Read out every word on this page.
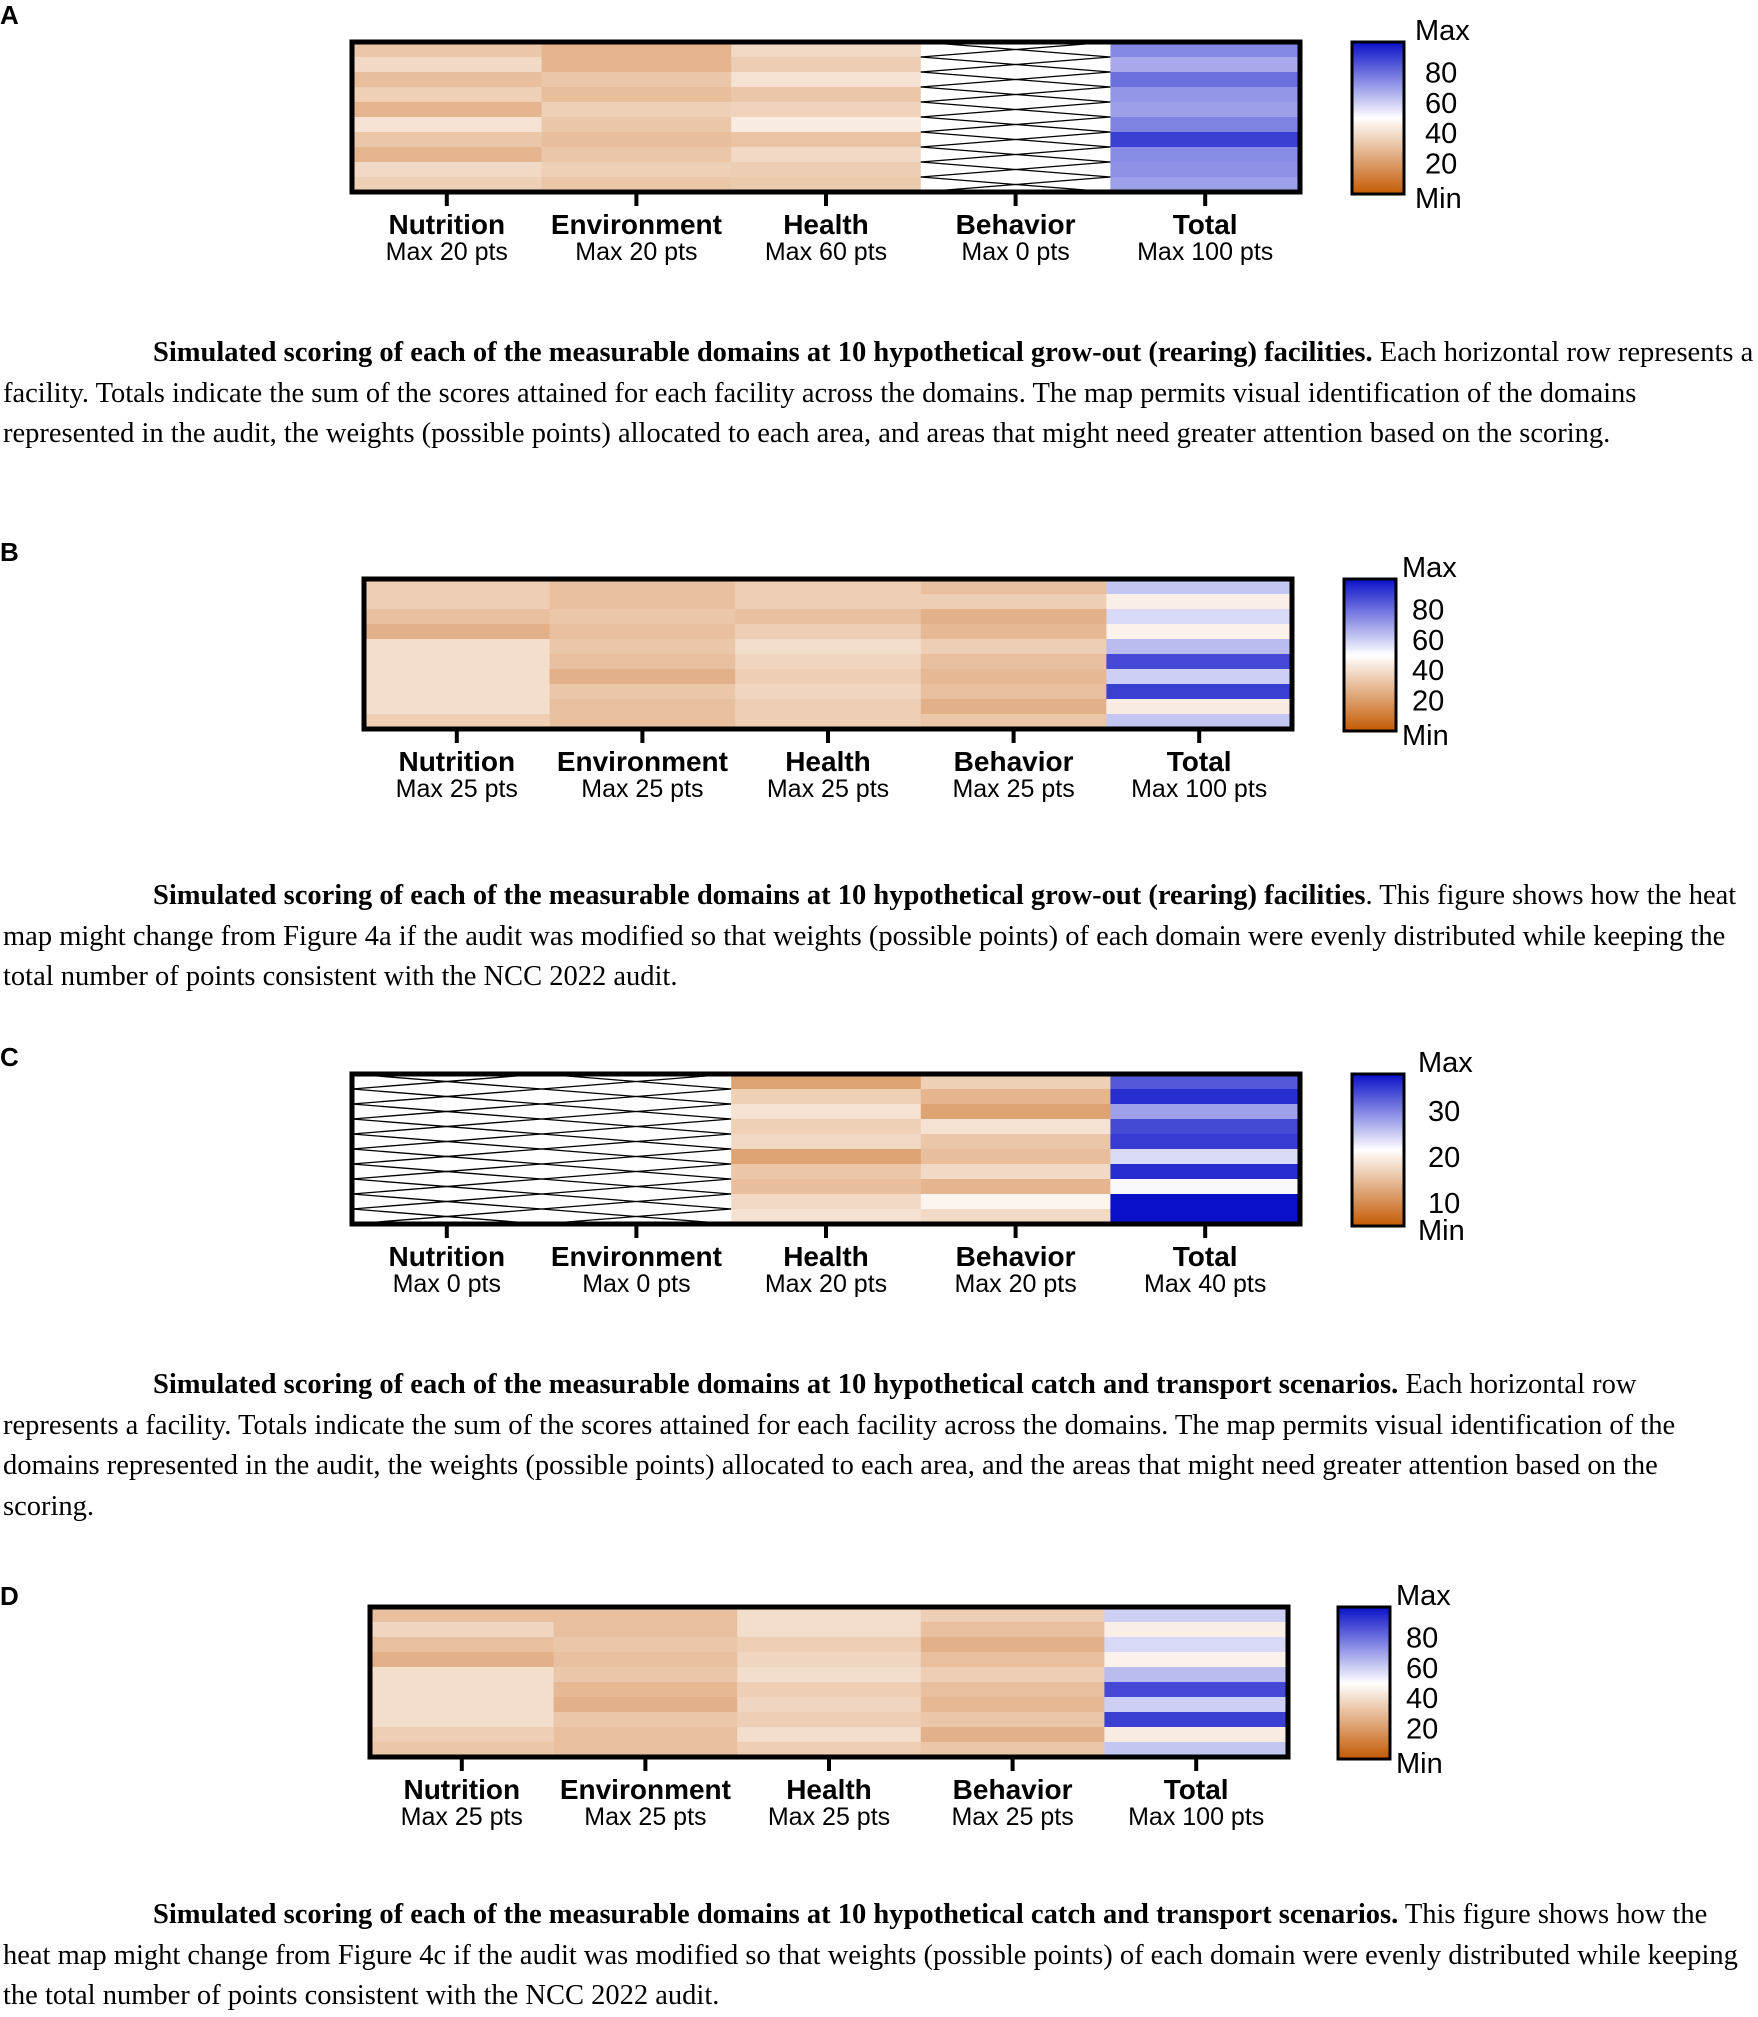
A
Nutrition
Max 20 pts
Environment
Max 20 pts
Health
Max 60 pts
Behavior
Max 0 pts
Total
Max 100 pts
Max
80
60
40
20
Min

Simulated scoring of each of the measurable domains at 10 hypothetical grow-out (rearing) facilities. Each horizontal row represents a facility. Totals indicate the sum of the scores attained for each facility across the domains. The map permits visual identification of the domains represented in the audit, the weights (possible points) allocated to each area, and areas that might need greater attention based on the scoring.

B
Nutrition
Max 25 pts
Environment
Max 25 pts
Health
Max 25 pts
Behavior
Max 25 pts
Total
Max 100 pts
Max
80
60
40
20
Min

Simulated scoring of each of the measurable domains at 10 hypothetical grow-out (rearing) facilities. This figure shows how the heat map might change from Figure 4a if the audit was modified so that weights (possible points) of each domain were evenly distributed while keeping the total number of points consistent with the NCC 2022 audit.

C
Nutrition
Max 0 pts
Environment
Max 0 pts
Health
Max 20 pts
Behavior
Max 20 pts
Total
Max 40 pts
Max
30
20
10
Min

Simulated scoring of each of the measurable domains at 10 hypothetical catch and transport scenarios. Each horizontal row represents a facility. Totals indicate the sum of the scores attained for each facility across the domains. The map permits visual identification of the domains represented in the audit, the weights (possible points) allocated to each area, and the areas that might need greater attention based on the scoring.

D
Nutrition
Max 25 pts
Environment
Max 25 pts
Health
Max 25 pts
Behavior
Max 25 pts
Total
Max 100 pts
Max
80
60
40
20
Min

Simulated scoring of each of the measurable domains at 10 hypothetical catch and transport scenarios. This figure shows how the heat map might change from Figure 4c if the audit was modified so that weights (possible points) of each domain were evenly distributed while keeping the total number of points consistent with the NCC 2022 audit.
